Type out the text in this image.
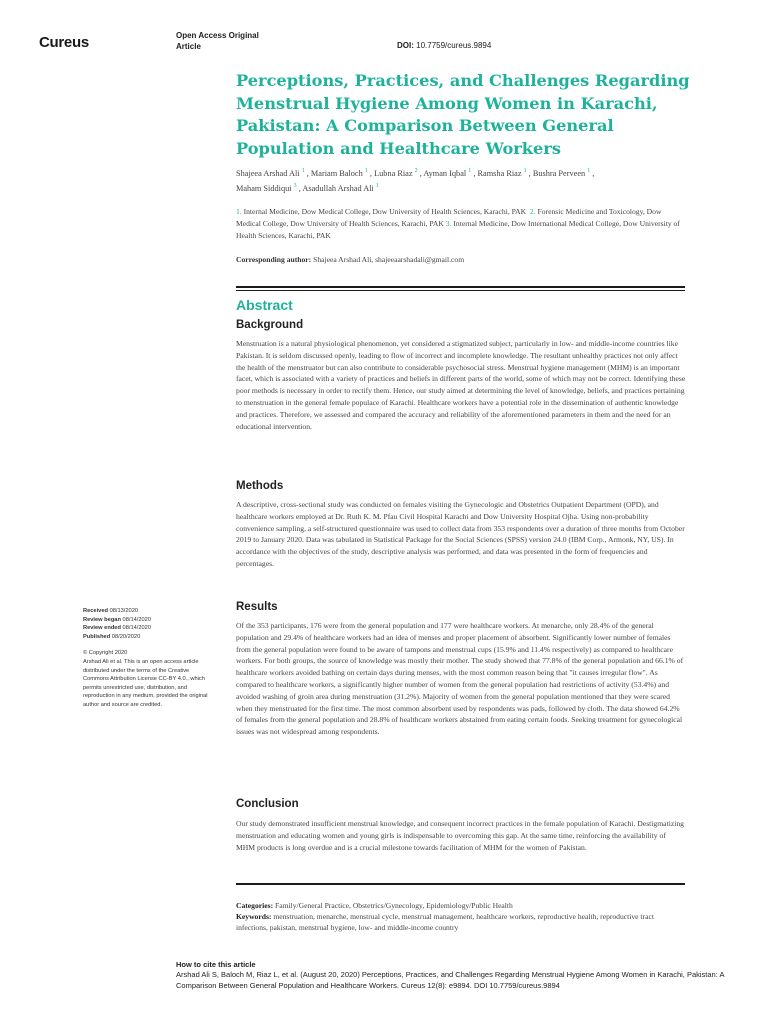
Cureus	Open Access Original
Article	DOI: 10.7759/cureus.9894
Perceptions, Practices, and Challenges Regarding Menstrual Hygiene Among Women in Karachi, Pakistan: A Comparison Between General Population and Healthcare Workers
Shajeea Arshad Ali $^1$ , Mariam Baloch $^1$ , Lubna Riaz $^2$ , Ayman Iqbal $^1$ , Ramsha Riaz $^1$ , Bushra Perveen $^1$ ,
Maham Siddiqui $^3$ , Asadullah Arshad Ali $^1$
1. Internal Medicine, Dow Medical College, Dow University of Health Sciences, Karachi, PAK 2. Forensic Medicine and Toxicology, Dow Medical College, Dow University of Health Sciences, Karachi, PAK 3. Internal Medicine, Dow International Medical College, Dow University of Health Sciences, Karachi, PAK
Corresponding author: Shajeea Arshad Ali, shajeeaarshadali@gmail.com
Abstract
Background

Menstruation is a natural physiological phenomenon, yet considered a stigmatized subject, particularly in low- and middle-income countries like Pakistan. It is seldom discussed openly, leading to flow of incorrect and incomplete knowledge. The resultant unhealthy practices not only affect the health of the menstruator but can also contribute to considerable psychosocial stress. Menstrual hygiene management (MHM) is an important facet, which is associated with a variety of practices and beliefs in different parts of the world, some of which may not be correct. Identifying these poor methods is necessary in order to rectify them. Hence, our study aimed at determining the level of knowledge, beliefs, and practices pertaining to menstruation in the general female populace of Karachi. Healthcare workers have a potential role in the dissemination of authentic knowledge and practices. Therefore, we assessed and compared the accuracy and reliability of the aforementioned parameters in them and the need for an educational intervention.

Methods

A descriptive, cross-sectional study was conducted on females visiting the Gynecologic and Obstetrics Outpatient Department (OPD), and healthcare workers employed at Dr. Ruth K. M. Pfau Civil Hospital Karachi and Dow University Hospital Ojha. Using non-probability convenience sampling, a self-structured questionnaire was used to collect data from 353 respondents over a duration of three months from October 2019 to January 2020. Data was tabulated in Statistical Package for the Social Sciences (SPSS) version 24.0 (IBM Corp., Armonk, NY, US). In accordance with the objectives of the study, descriptive analysis was performed, and data was presented in the form of frequencies and percentages.

Results

Of the 353 participants, 176 were from the general population and 177 were healthcare workers. At menarche, only 28.4% of the general population and 29.4% of healthcare workers had an idea of menses and proper placement of absorbent. Significantly lower number of females from the general population were found to be aware of tampons and menstrual cups (15.9% and 11.4% respectively) as compared to healthcare workers. For both groups, the source of knowledge was mostly their mother. The study showed that 77.8% of the general population and 66.1% of healthcare workers avoided bathing on certain days during menses, with the most common reason being that "it causes irregular flow". As compared to healthcare workers, a significantly higher number of women from the general population had restrictions of activity (53.4%) and avoided washing of groin area during menstruation (31.2%). Majority of women from the general population mentioned that they were scared when they menstruated for the first time. The most common absorbent used by respondents was pads, followed by cloth. The data showed 64.2% of females from the general population and 28.8% of healthcare workers abstained from eating certain foods. Seeking treatment for gynecological issues was not widespread among respondents.

Conclusion

Our study demonstrated insufficient menstrual knowledge, and consequent incorrect practices in the female population of Karachi. Destigmatizing menstruation and educating women and young girls is indispensable to overcoming this gap. At the same time, reinforcing the availability of MHM products is long overdue and is a crucial milestone towards facilitation of MHM for the women of Pakistan.

Received 08/13/2020
Review began 08/14/2020
Review ended 08/14/2020
Published 08/20/2020
© Copyright 2020
Arshad Ali et al. This is an open access article distributed under the terms of the Creative Commons Attribution License CC-BY 4.0., which permits unrestricted use, distribution, and reproduction in any medium, provided the original author and source are credited.
Categories: Family/General Practice, Obstetrics/Gynecology, Epidemiology/Public Health
Keywords: menstruation, menarche, menstrual cycle, menstrual management, healthcare workers, reproductive health, reproductive tract infections, pakistan, menstrual hygiene, low- and middle-income country
How to cite this article
Arshad Ali S, Baloch M, Riaz L, et al. (August 20, 2020) Perceptions, Practices, and Challenges Regarding Menstrual Hygiene Among Women in Karachi, Pakistan: A Comparison Between General Population and Healthcare Workers. Cureus 12(8): e9894. DOI 10.7759/cureus.9894
